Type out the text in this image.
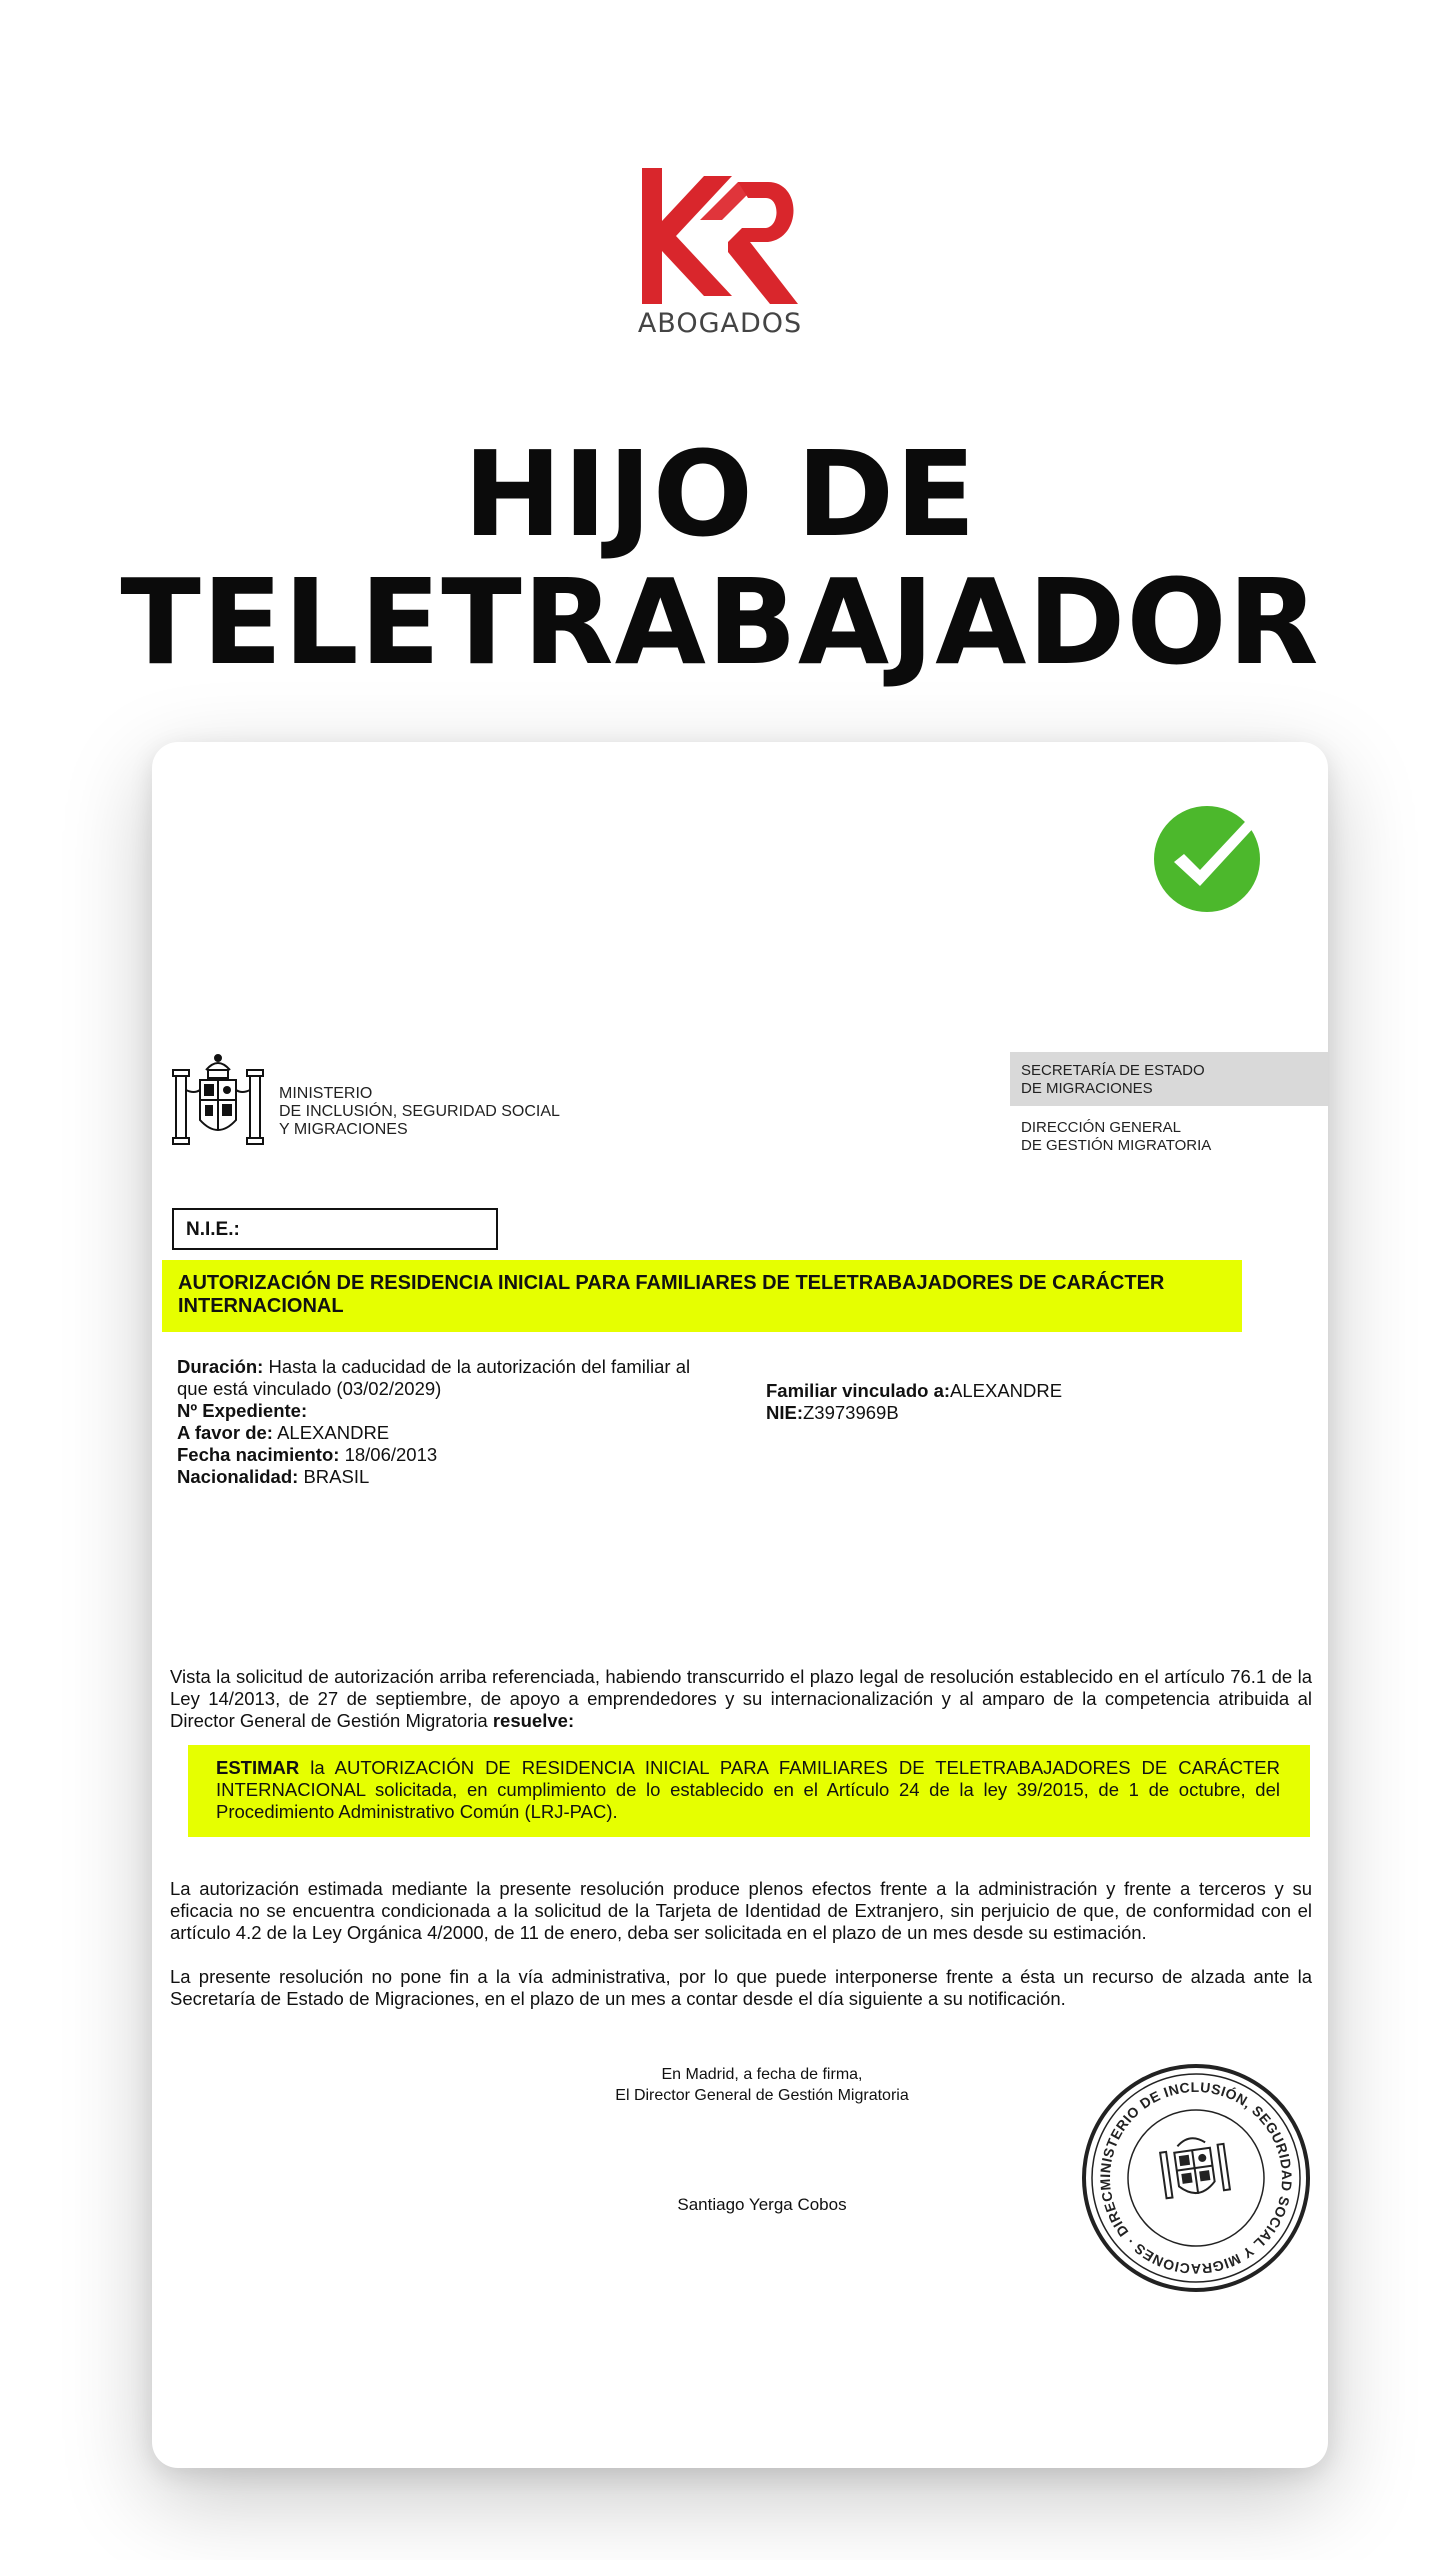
ABOGADOS
HIJO DE
TELETRABAJADOR
MINISTERIO
DE INCLUSIÓN, SEGURIDAD SOCIAL
Y MIGRACIONES
SECRETARÍA DE ESTADO
DE MIGRACIONES
DIRECCIÓN GENERAL
DE GESTIÓN MIGRATORIA
N.I.E.:
AUTORIZACIÓN DE RESIDENCIA INICIAL PARA FAMILIARES DE TELETRABAJADORES DE CARÁCTER
INTERNACIONAL
Duración: Hasta la caducidad de la autorización del familiar al
que está vinculado (03/02/2029)
Nº Expediente:
A favor de: ALEXANDRE
Fecha nacimiento: 18/06/2013
Nacionalidad: BRASIL
Familiar vinculado a:ALEXANDRE
NIE:Z3973969B
Vista la solicitud de autorización arriba referenciada, habiendo transcurrido el plazo legal de resolución establecido en el artículo 76.1 de la Ley 14/2013, de 27 de septiembre, de apoyo a emprendedores y su internacionalización y al amparo de la competencia atribuida al Director General de Gestión Migratoria resuelve:
ESTIMAR la AUTORIZACIÓN DE RESIDENCIA INICIAL PARA FAMILIARES DE TELETRABAJADORES DE CARÁCTER INTERNACIONAL solicitada, en cumplimiento de lo establecido en el Artículo 24 de la ley 39/2015, de 1 de octubre, del Procedimiento Administrativo Común (LRJ-PAC).
La autorización estimada mediante la presente resolución produce plenos efectos frente a la administración y frente a terceros y su eficacia no se encuentra condicionada a la solicitud de la Tarjeta de Identidad de Extranjero, sin perjuicio de que, de conformidad con el artículo 4.2 de la Ley Orgánica 4/2000, de 11 de enero, deba ser solicitada en el plazo de un mes desde su estimación.
La presente resolución no pone fin a la vía administrativa, por lo que puede interponerse frente a ésta un recurso de alzada ante la Secretaría de Estado de Migraciones, en el plazo de un mes a contar desde el día siguiente a su notificación.
En Madrid, a fecha de firma,
El Director General de Gestión Migratoria
Santiago Yerga Cobos
MINISTERIO DE INCLUSIÓN, SEGURIDAD SOCIAL Y MIGRACIONES · DIRECCIÓN
